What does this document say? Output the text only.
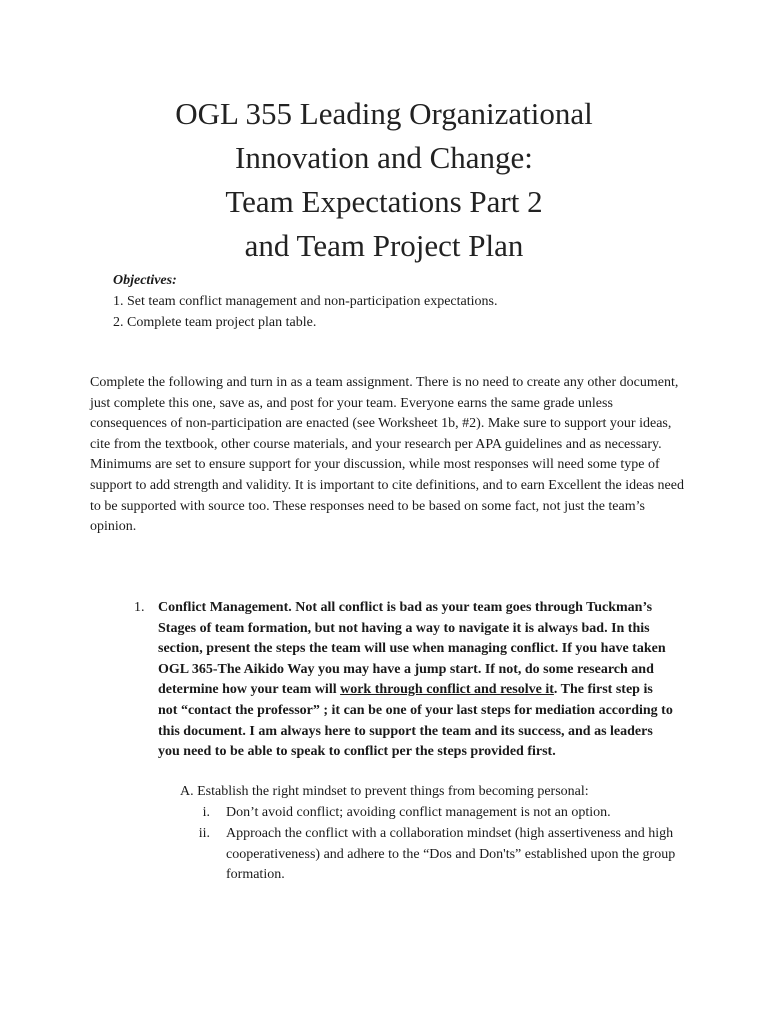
OGL 355 Leading Organizational
Innovation and Change:
Team Expectations Part 2
and Team Project Plan
Objectives:
1. Set team conflict management and non-participation expectations.
2. Complete team project plan table.
Complete the following and turn in as a team assignment. There is no need to create any other document, just complete this one, save as, and post for your team. Everyone earns the same grade unless consequences of non-participation are enacted (see Worksheet 1b, #2). Make sure to support your ideas, cite from the textbook, other course materials, and your research per APA guidelines and as necessary. Minimums are set to ensure support for your discussion, while most responses will need some type of support to add strength and validity. It is important to cite definitions, and to earn Excellent the ideas need to be supported with source too. These responses need to be based on some fact, not just the team’s opinion.
1. Conflict Management. Not all conflict is bad as your team goes through Tuckman’s Stages of team formation, but not having a way to navigate it is always bad. In this section, present the steps the team will use when managing conflict. If you have taken OGL 365-The Aikido Way you may have a jump start. If not, do some research and determine how your team will work through conflict and resolve it. The first step is not “contact the professor” ; it can be one of your last steps for mediation according to this document. I am always here to support the team and its success, and as leaders you need to be able to speak to conflict per the steps provided first.
A. Establish the right mindset to prevent things from becoming personal:
i. Don’t avoid conflict; avoiding conflict management is not an option.
ii. Approach the conflict with a collaboration mindset (high assertiveness and high cooperativeness) and adhere to the “Dos and Don'ts” established upon the group formation.
